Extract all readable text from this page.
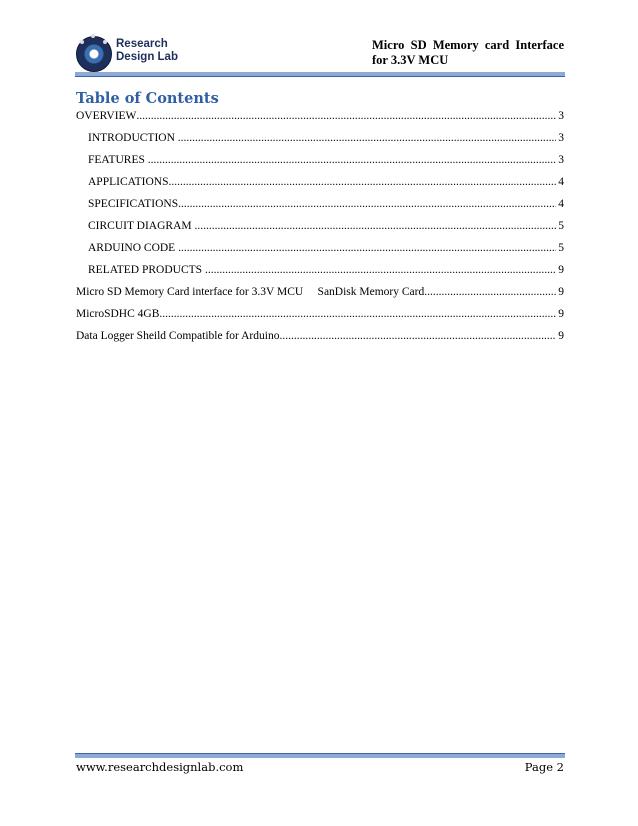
Research
Design Lab
Micro SD Memory card Interface for 3.3V MCU
Table of Contents
OVERVIEW .....	3
INTRODUCTION .....	3
FEATURES .....	3
APPLICATIONS .....	4
SPECIFICATIONS .....	4
CIRCUIT DIAGRAM .....	5
ARDUINO CODE .....	5
RELATED PRODUCTS .....	9
Micro SD Memory Card interface for 3.3V MCU     SanDisk Memory Card .....	9
MicroSDHC 4GB .....	9
Data Logger Sheild Compatible for Arduino .....	9
www.researchdesignlab.com	Page 2
